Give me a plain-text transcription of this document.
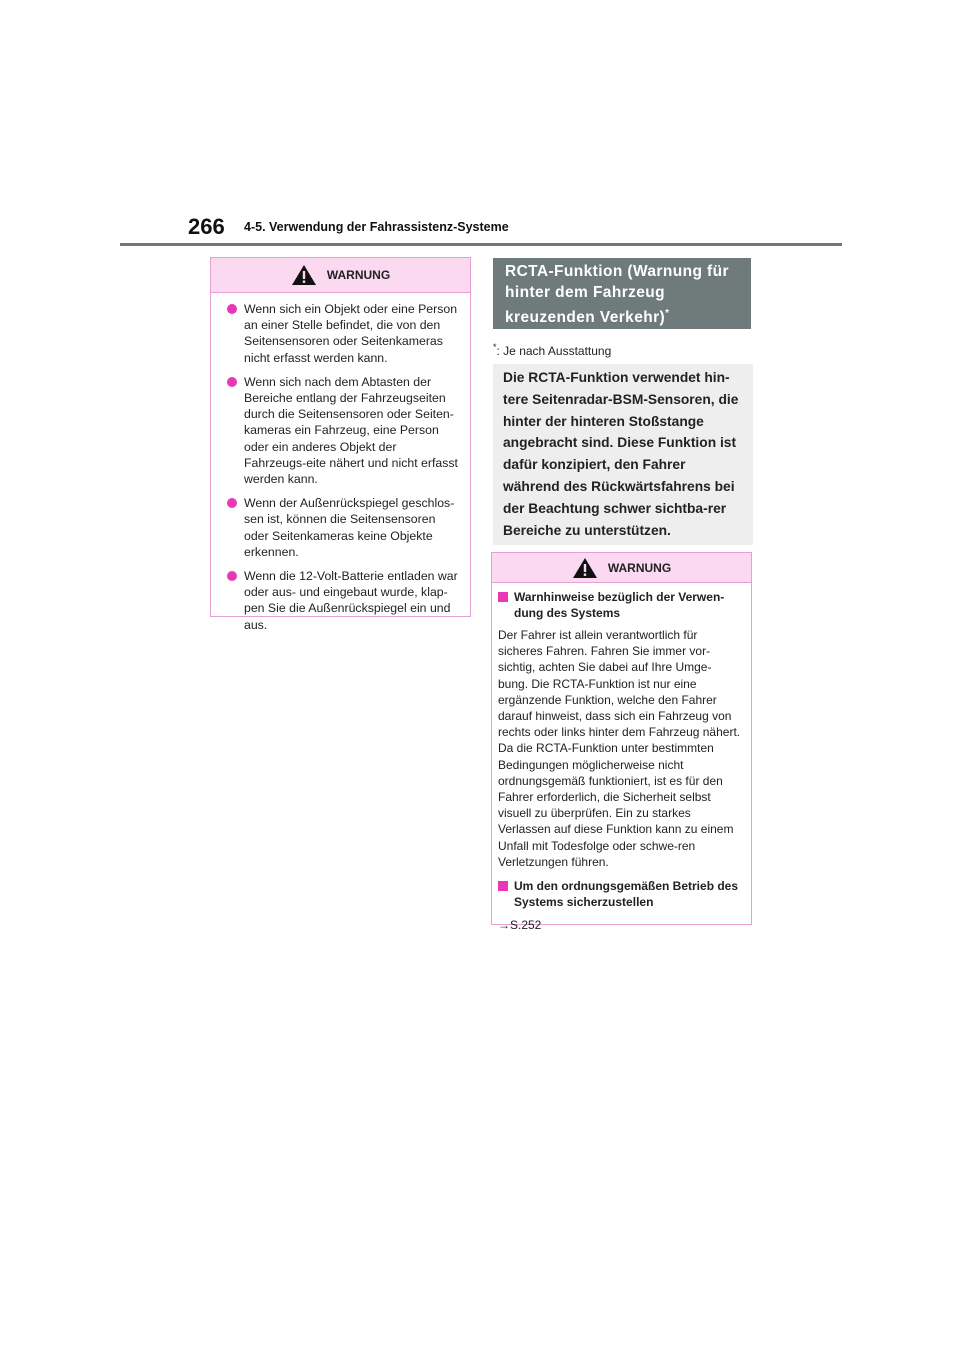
266 4-5. Verwendung der Fahrassistenz-Systeme
WARNUNG
Wenn sich ein Objekt oder eine Person an einer Stelle befindet, die von den Seitensensoren oder Seitenkameras nicht erfasst werden kann.
Wenn sich nach dem Abtasten der Bereiche entlang der Fahrzeugseiten durch die Seitensensoren oder Seiten-kameras ein Fahrzeug, eine Person oder ein anderes Objekt der Fahrzeugs-eite nähert und nicht erfasst werden kann.
Wenn der Außenrückspiegel geschlos-sen ist, können die Seitensensoren oder Seitenkameras keine Objekte erkennen.
Wenn die 12-Volt-Batterie entladen war oder aus- und eingebaut wurde, klap-pen Sie die Außenrückspiegel ein und aus.
RCTA-Funktion (Warnung für hinter dem Fahrzeug kreuzenden Verkehr)*
*: Je nach Ausstattung
Die RCTA-Funktion verwendet hin-tere Seitenradar-BSM-Sensoren, die hinter der hinteren Stoßstange angebracht sind. Diese Funktion ist dafür konzipiert, den Fahrer während des Rückwärtsfahrens bei der Beachtung schwer sichtba-rer Bereiche zu unterstützen.
WARNUNG
Warnhinweise bezüglich der Verwen-dung des Systems
Der Fahrer ist allein verantwortlich für sicheres Fahren. Fahren Sie immer vor-sichtig, achten Sie dabei auf Ihre Umge-bung. Die RCTA-Funktion ist nur eine ergänzende Funktion, welche den Fahrer darauf hinweist, dass sich ein Fahrzeug von rechts oder links hinter dem Fahrzeug nähert. Da die RCTA-Funktion unter bestimmten Bedingungen möglicherweise nicht ordnungsgemäß funktioniert, ist es für den Fahrer erforderlich, die Sicherheit selbst visuell zu überprüfen. Ein zu starkes Verlassen auf diese Funktion kann zu einem Unfall mit Todesfolge oder schwe-ren Verletzungen führen.
Um den ordnungsgemäßen Betrieb des Systems sicherzustellen
→S.252
